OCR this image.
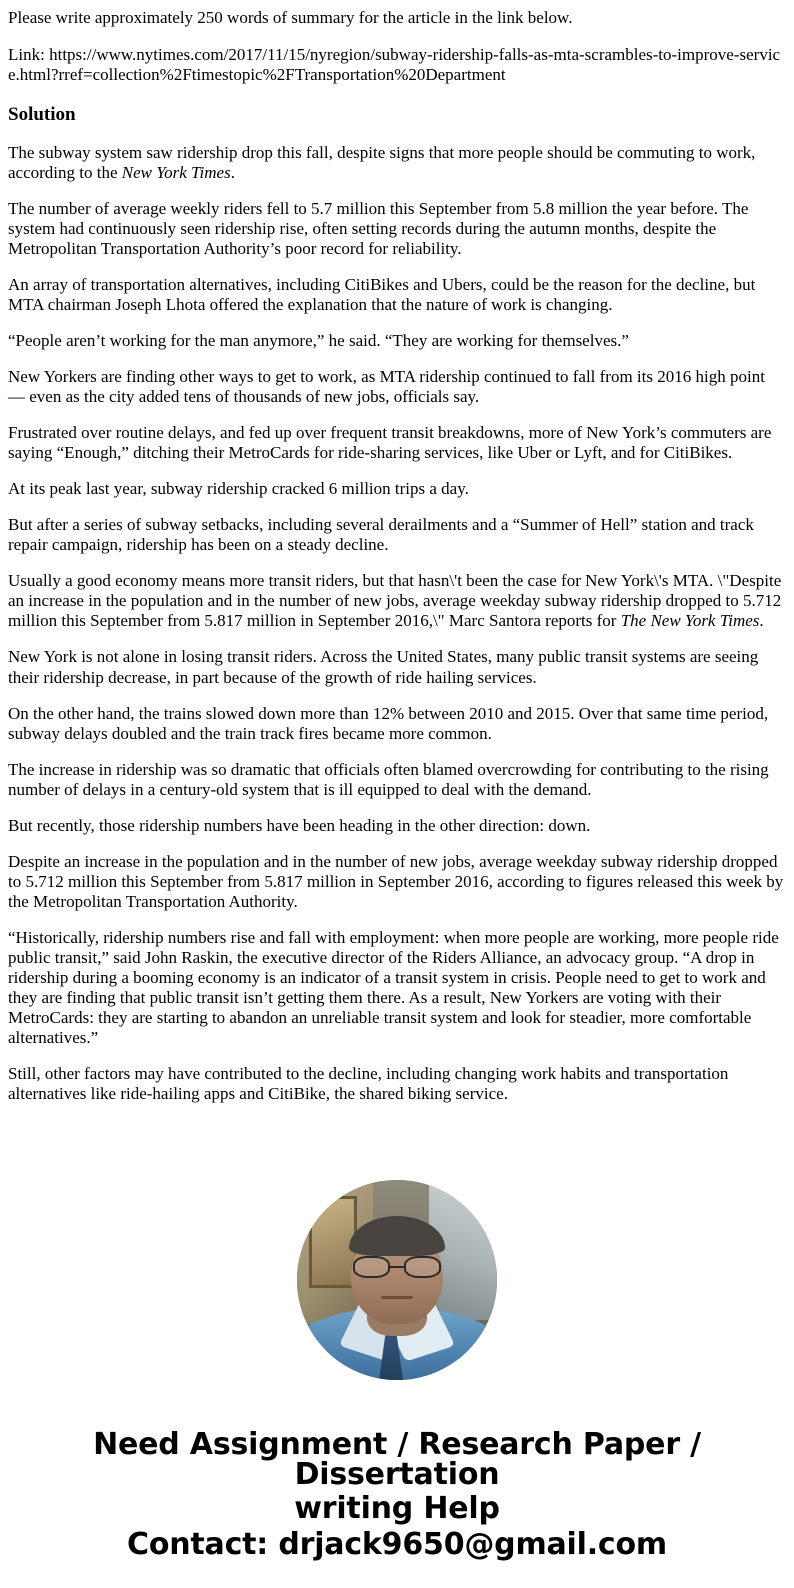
Please write approximately 250 words of summary for the article in the link below.

Link: https://www.nytimes.com/2017/11/15/nyregion/subway-ridership-falls-as-mta-scrambles-to-improve-service.html?rref=collection%2Ftimestopic%2FTransportation%20Department

Solution

The subway system saw ridership drop this fall, despite signs that more people should be commuting to work, according to the New York Times.

The number of average weekly riders fell to 5.7 million this September from 5.8 million the year before. The system had continuously seen ridership rise, often setting records during the autumn months, despite the Metropolitan Transportation Authority’s poor record for reliability.

An array of transportation alternatives, including CitiBikes and Ubers, could be the reason for the decline, but MTA chairman Joseph Lhota offered the explanation that the nature of work is changing.

“People aren’t working for the man anymore,” he said. “They are working for themselves.”

New Yorkers are finding other ways to get to work, as MTA ridership continued to fall from its 2016 high point — even as the city added tens of thousands of new jobs, officials say.

Frustrated over routine delays, and fed up over frequent transit breakdowns, more of New York’s commuters are saying “Enough,” ditching their MetroCards for ride-sharing services, like Uber or Lyft, and for CitiBikes.

At its peak last year, subway ridership cracked 6 million trips a day.

But after a series of subway setbacks, including several derailments and a “Summer of Hell” station and track repair campaign, ridership has been on a steady decline.

Usually a good economy means more transit riders, but that hasn\'t been the case for New York\'s MTA. \"Despite an increase in the population and in the number of new jobs, average weekday subway ridership dropped to 5.712 million this September from 5.817 million in September 2016,\" Marc Santora reports for The New York Times.

New York is not alone in losing transit riders. Across the United States, many public transit systems are seeing their ridership decrease, in part because of the growth of ride hailing services.

On the other hand, the trains slowed down more than 12% between 2010 and 2015. Over that same time period, subway delays doubled and the train track fires became more common.

The increase in ridership was so dramatic that officials often blamed overcrowding for contributing to the rising number of delays in a century-old system that is ill equipped to deal with the demand.

But recently, those ridership numbers have been heading in the other direction: down.

Despite an increase in the population and in the number of new jobs, average weekday subway ridership dropped to 5.712 million this September from 5.817 million in September 2016, according to figures released this week by the Metropolitan Transportation Authority.

“Historically, ridership numbers rise and fall with employment: when more people are working, more people ride public transit,” said John Raskin, the executive director of the Riders Alliance, an advocacy group. “A drop in ridership during a booming economy is an indicator of a transit system in crisis. People need to get to work and they are finding that public transit isn’t getting them there. As a result, New Yorkers are voting with their MetroCards: they are starting to abandon an unreliable transit system and look for steadier, more comfortable alternatives.”

Still, other factors may have contributed to the decline, including changing work habits and transportation alternatives like ride-hailing apps and CitiBike, the shared biking service.

Need Assignment / Research Paper / Dissertation
writing Help
Contact: drjack9650@gmail.com
